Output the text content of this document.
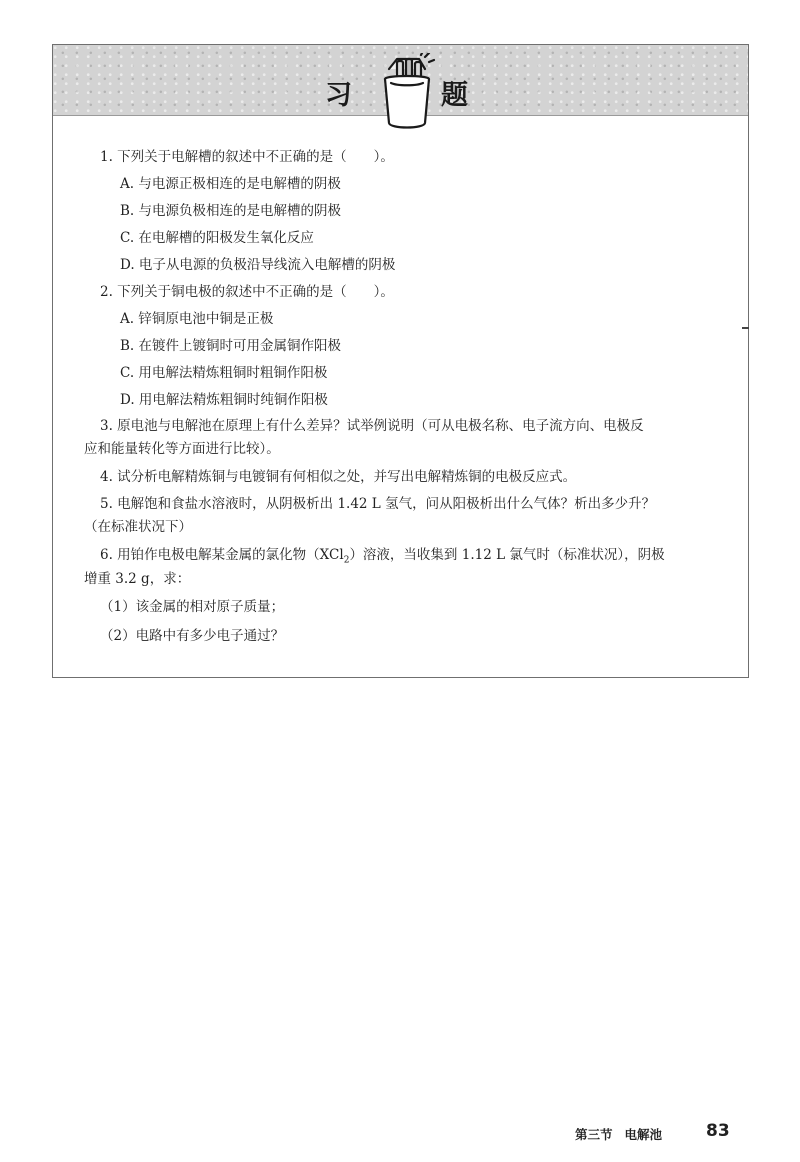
习	题
1. 下列关于电解槽的叙述中不正确的是（　　）。
A. 与电源正极相连的是电解槽的阴极
B. 与电源负极相连的是电解槽的阴极
C. 在电解槽的阳极发生氧化反应
D. 电子从电源的负极沿导线流入电解槽的阴极
2. 下列关于铜电极的叙述中不正确的是（　　）。
A. 锌铜原电池中铜是正极
B. 在镀件上镀铜时可用金属铜作阳极
C. 用电解法精炼粗铜时粗铜作阳极
D. 用电解法精炼粗铜时纯铜作阳极
3. 原电池与电解池在原理上有什么差异？试举例说明（可从电极名称、电子流方向、电极反
应和能量转化等方面进行比较）。
4. 试分析电解精炼铜与电镀铜有何相似之处，并写出电解精炼铜的电极反应式。
5. 电解饱和食盐水溶液时，从阴极析出 1.42 L 氢气，问从阳极析出什么气体？析出多少升？
（在标准状况下）
6. 用铂作电极电解某金属的氯化物（XCl$_2$）溶液，当收集到 1.12 L 氯气时（标准状况），阴极
增重 3.2 g，求：
（1）该金属的相对原子质量；
（2）电路中有多少电子通过？
第三节 电解池	83
